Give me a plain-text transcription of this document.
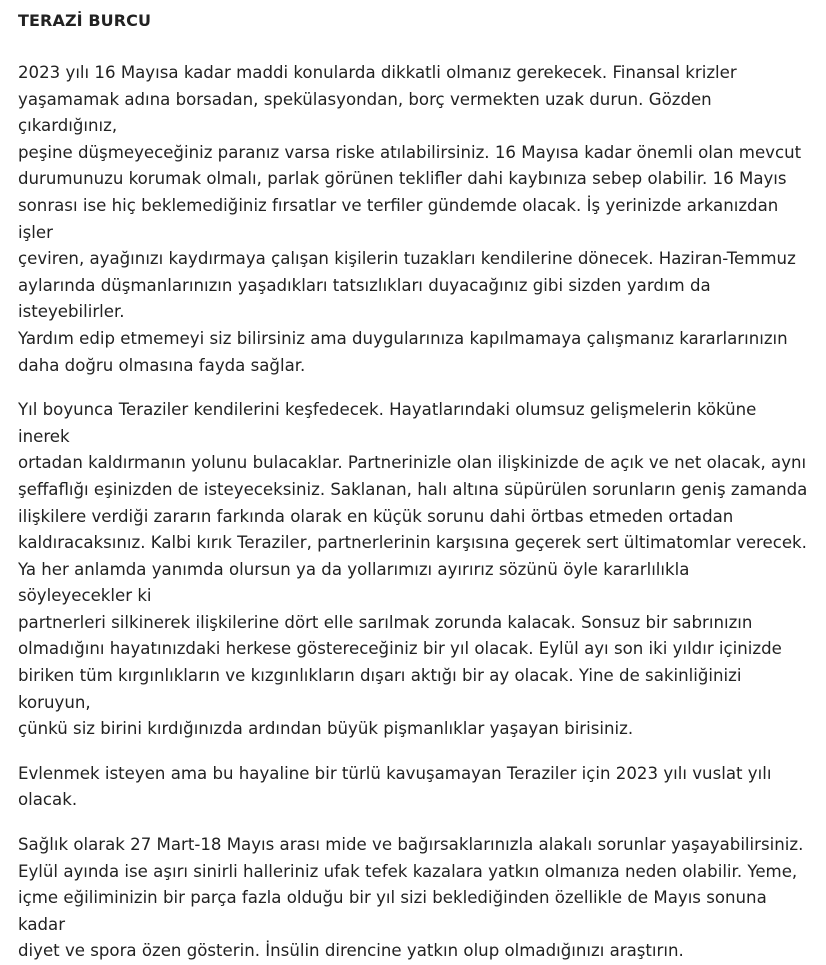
TERAZİ BURCU

2023 yılı 16 Mayısa kadar maddi konularda dikkatli olmanız gerekecek. Finansal krizler
yaşamamak adına borsadan, spekülasyondan, borç vermekten uzak durun. Gözden çıkardığınız,
peşine düşmeyeceğiniz paranız varsa riske atılabilirsiniz. 16 Mayısa kadar önemli olan mevcut
durumunuzu korumak olmalı, parlak görünen teklifler dahi kaybınıza sebep olabilir. 16 Mayıs
sonrası ise hiç beklemediğiniz fırsatlar ve terfiler gündemde olacak. İş yerinizde arkanızdan işler
çeviren, ayağınızı kaydırmaya çalışan kişilerin tuzakları kendilerine dönecek. Haziran-Temmuz
aylarında düşmanlarınızın yaşadıkları tatsızlıkları duyacağınız gibi sizden yardım da isteyebilirler.
Yardım edip etmemeyi siz bilirsiniz ama duygularınıza kapılmamaya çalışmanız kararlarınızın
daha doğru olmasına fayda sağlar.

Yıl boyunca Teraziler kendilerini keşfedecek. Hayatlarındaki olumsuz gelişmelerin köküne inerek
ortadan kaldırmanın yolunu bulacaklar. Partnerinizle olan ilişkinizde de açık ve net olacak, aynı
şeffaflığı eşinizden de isteyeceksiniz. Saklanan, halı altına süpürülen sorunların geniş zamanda
ilişkilere verdiği zararın farkında olarak en küçük sorunu dahi örtbas etmeden ortadan
kaldıracaksınız. Kalbi kırık Teraziler, partnerlerinin karşısına geçerek sert ültimatomlar verecek.
Ya her anlamda yanımda olursun ya da yollarımızı ayırırız sözünü öyle kararlılıkla söyleyecekler ki
partnerleri silkinerek ilişkilerine dört elle sarılmak zorunda kalacak. Sonsuz bir sabrınızın
olmadığını hayatınızdaki herkese göstereceğiniz bir yıl olacak. Eylül ayı son iki yıldır içinizde
biriken tüm kırgınlıkların ve kızgınlıkların dışarı aktığı bir ay olacak. Yine de sakinliğinizi koruyun,
çünkü siz birini kırdığınızda ardından büyük pişmanlıklar yaşayan birisiniz.

Evlenmek isteyen ama bu hayaline bir türlü kavuşamayan Teraziler için 2023 yılı vuslat yılı olacak.

Sağlık olarak 27 Mart-18 Mayıs arası mide ve bağırsaklarınızla alakalı sorunlar yaşayabilirsiniz.
Eylül ayında ise aşırı sinirli halleriniz ufak tefek kazalara yatkın olmanıza neden olabilir. Yeme,
içme eğiliminizin bir parça fazla olduğu bir yıl sizi beklediğinden özellikle de Mayıs sonuna kadar
diyet ve spora özen gösterin. İnsülin direncine yatkın olup olmadığınızı araştırın.
